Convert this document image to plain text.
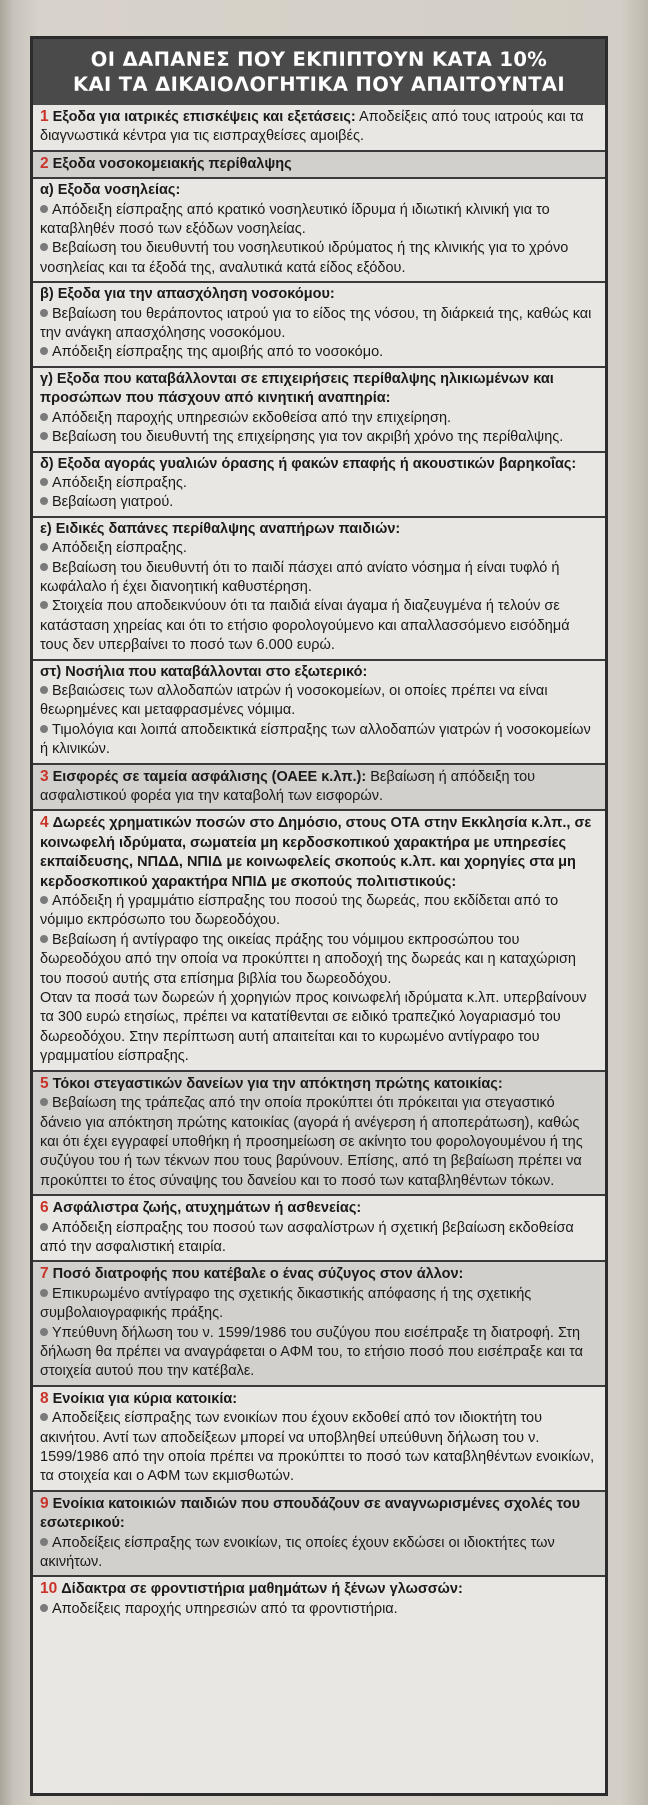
ΟΙ ΔΑΠΑΝΕΣ ΠΟΥ ΕΚΠΙΠΤΟΥΝ ΚΑΤΑ 10%
ΚΑΙ ΤΑ ΔΙΚΑΙΟΛΟΓΗΤΙΚΑ ΠΟΥ ΑΠΑΙΤΟΥΝΤΑΙ
1 Εξοδα για ιατρικές επισκέψεις και εξετάσεις: Αποδείξεις από τους ιατρούς και τα διαγνωστικά κέντρα για τις εισπραχθείσες αμοιβές.
2 Εξοδα νοσοκομειακής περίθαλψης
α) Εξοδα νοσηλείας:
Απόδειξη είσπραξης από κρατικό νοσηλευτικό ίδρυμα ή ιδιωτική κλινική για το καταβληθέν ποσό των εξόδων νοσηλείας.
Βεβαίωση του διευθυντή του νοσηλευτικού ιδρύματος ή της κλινικής για το χρόνο νοσηλείας και τα έξοδά της, αναλυτικά κατά είδος εξόδου.
β) Εξοδα για την απασχόληση νοσοκόμου:
Βεβαίωση του θεράποντος ιατρού για το είδος της νόσου, τη διάρκειά της, καθώς και την ανάγκη απασχόλησης νοσοκόμου.
Απόδειξη είσπραξης της αμοιβής από το νοσοκόμο.
γ) Εξοδα που καταβάλλονται σε επιχειρήσεις περίθαλψης ηλικιωμένων και προσώπων που πάσχουν από κινητική αναπηρία:
Απόδειξη παροχής υπηρεσιών εκδοθείσα από την επιχείρηση.
Βεβαίωση του διευθυντή της επιχείρησης για τον ακριβή χρόνο της περίθαλψης.
δ) Εξοδα αγοράς γυαλιών όρασης ή φακών επαφής ή ακουστικών βαρηκοΐας:
Απόδειξη είσπραξης.
Βεβαίωση γιατρού.
ε) Ειδικές δαπάνες περίθαλψης αναπήρων παιδιών:
Απόδειξη είσπραξης.
Βεβαίωση του διευθυντή ότι το παιδί πάσχει από ανίατο νόσημα ή είναι τυφλό ή κωφάλαλο ή έχει διανοητική καθυστέρηση.
Στοιχεία που αποδεικνύουν ότι τα παιδιά είναι άγαμα ή διαζευγμένα ή τελούν σε κατάσταση χηρείας και ότι το ετήσιο φορολογούμενο και απαλλασσόμενο εισόδημά τους δεν υπερβαίνει το ποσό των 6.000 ευρώ.
στ) Νοσήλια που καταβάλλονται στο εξωτερικό:
Βεβαιώσεις των αλλοδαπών ιατρών ή νοσοκομείων, οι οποίες πρέπει να είναι θεωρημένες και μεταφρασμένες νόμιμα.
Τιμολόγια και λοιπά αποδεικτικά είσπραξης των αλλοδαπών γιατρών ή νοσοκομείων ή κλινικών.
3 Εισφορές σε ταμεία ασφάλισης (ΟΑΕΕ κ.λπ.): Βεβαίωση ή απόδειξη του ασφαλιστικού φορέα για την καταβολή των εισφορών.
4 Δωρεές χρηματικών ποσών στο Δημόσιο, στους ΟΤΑ στην Εκκλησία κ.λπ., σε κοινωφελή ιδρύματα, σωματεία μη κερδοσκοπικού χαρακτήρα με υπηρεσίες εκπαίδευσης, ΝΠΔΔ, ΝΠΙΔ με κοινωφελείς σκοπούς κ.λπ. και χορηγίες στα μη κερδοσκοπικού χαρακτήρα ΝΠΙΔ με σκοπούς πολιτιστικούς:
Απόδειξη ή γραμμάτιο είσπραξης του ποσού της δωρεάς, που εκδίδεται από το νόμιμο εκπρόσωπο του δωρεοδόχου.
Βεβαίωση ή αντίγραφο της οικείας πράξης του νόμιμου εκπροσώπου του δωρεοδόχου από την οποία να προκύπτει η αποδοχή της δωρεάς και η καταχώριση του ποσού αυτής στα επίσημα βιβλία του δωρεοδόχου.
Οταν τα ποσά των δωρεών ή χορηγιών προς κοινωφελή ιδρύματα κ.λπ. υπερβαίνουν τα 300 ευρώ ετησίως, πρέπει να κατατίθενται σε ειδικό τραπεζικό λογαριασμό του δωρεοδόχου. Στην περίπτωση αυτή απαιτείται και το κυρωμένο αντίγραφο του γραμματίου είσπραξης.
5 Τόκοι στεγαστικών δανείων για την απόκτηση πρώτης κατοικίας:
Βεβαίωση της τράπεζας από την οποία προκύπτει ότι πρόκειται για στεγαστικό δάνειο για απόκτηση πρώτης κατοικίας (αγορά ή ανέγερση ή αποπεράτωση), καθώς και ότι έχει εγγραφεί υποθήκη ή προσημείωση σε ακίνητο του φορολογουμένου ή της συζύγου του ή των τέκνων που τους βαρύνουν. Επίσης, από τη βεβαίωση πρέπει να προκύπτει το έτος σύναψης του δανείου και το ποσό των καταβληθέντων τόκων.
6 Ασφάλιστρα ζωής, ατυχημάτων ή ασθενείας:
Απόδειξη είσπραξης του ποσού των ασφαλίστρων ή σχετική βεβαίωση εκδοθείσα από την ασφαλιστική εταιρία.
7 Ποσό διατροφής που κατέβαλε ο ένας σύζυγος στον άλλον:
Επικυρωμένο αντίγραφο της σχετικής δικαστικής απόφασης ή της σχετικής συμβολαιογραφικής πράξης.
Υπεύθυνη δήλωση του ν. 1599/1986 του συζύγου που εισέπραξε τη διατροφή. Στη δήλωση θα πρέπει να αναγράφεται ο ΑΦΜ του, το ετήσιο ποσό που εισέπραξε και τα στοιχεία αυτού που την κατέβαλε.
8 Ενοίκια για κύρια κατοικία:
Αποδείξεις είσπραξης των ενοικίων που έχουν εκδοθεί από τον ιδιοκτήτη του ακινήτου. Αντί των αποδείξεων μπορεί να υποβληθεί υπεύθυνη δήλωση του ν. 1599/1986 από την οποία πρέπει να προκύπτει το ποσό των καταβληθέντων ενοικίων, τα στοιχεία και ο ΑΦΜ των εκμισθωτών.
9 Ενοίκια κατοικιών παιδιών που σπουδάζουν σε αναγνωρισμένες σχολές του εσωτερικού:
Αποδείξεις είσπραξης των ενοικίων, τις οποίες έχουν εκδώσει οι ιδιοκτήτες των ακινήτων.
10 Δίδακτρα σε φροντιστήρια μαθημάτων ή ξένων γλωσσών:
Αποδείξεις παροχής υπηρεσιών από τα φροντιστήρια.
